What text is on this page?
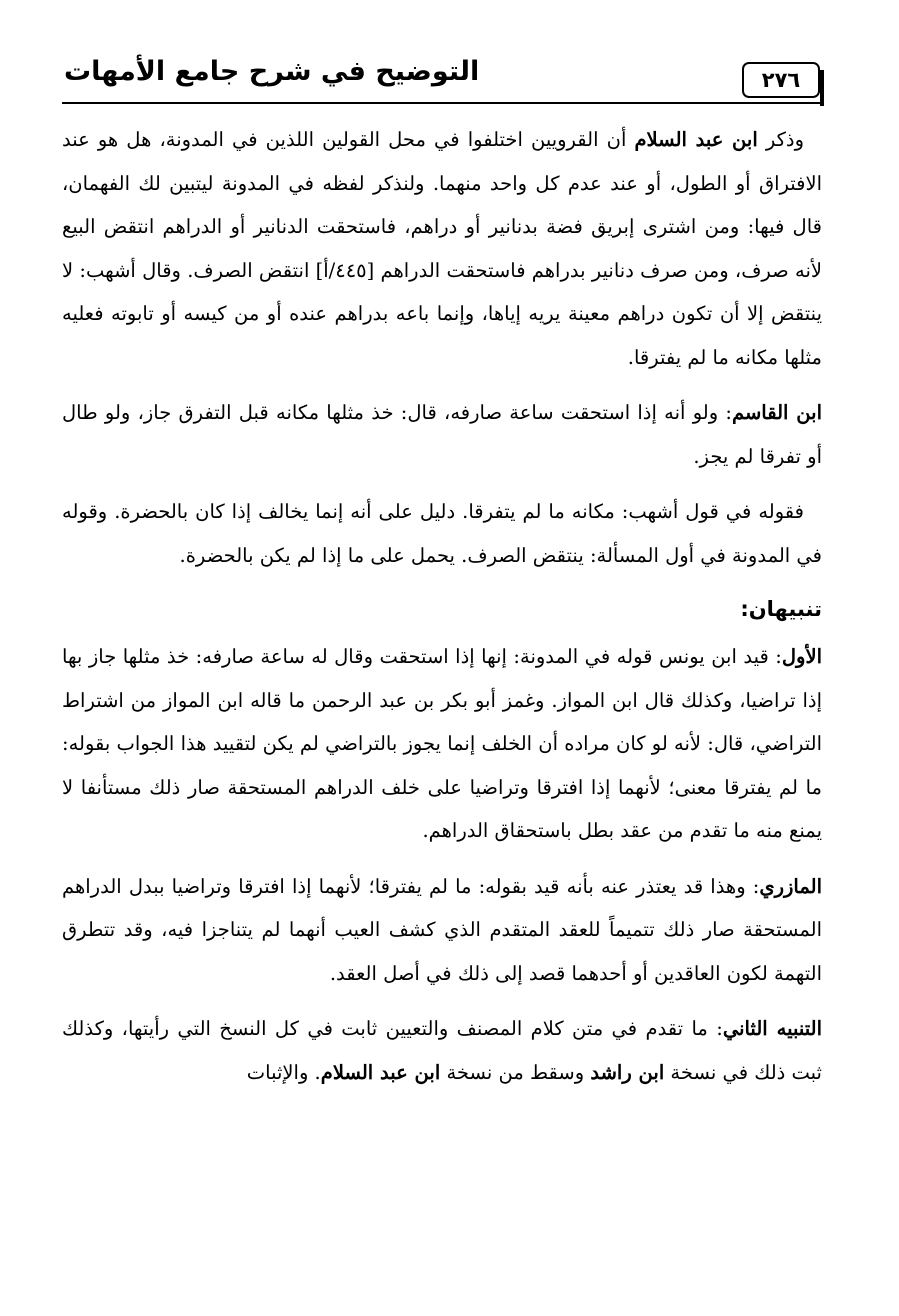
٢٧٦
التوضيح في شرح جامع الأمهات

وذكر ابن عبد السلام أن القرويين اختلفوا في محل القولين اللذين في المدونة، هل هو عند الافتراق أو الطول، أو عند عدم كل واحد منهما. ولنذكر لفظه في المدونة ليتبين لك الفهمان، قال فيها: ومن اشترى إبريق فضة بدنانير أو دراهم، فاستحقت الدنانير أو الدراهم انتقض البيع لأنه صرف، ومن صرف دنانير بدراهم فاستحقت الدراهم [٤٤٥/أ] انتقض الصرف. وقال أشهب: لا ينتقض إلا أن تكون دراهم معينة يريه إياها، وإنما باعه بدراهم عنده أو من كيسه أو تابوته فعليه مثلها مكانه ما لم يفترقا.

ابن القاسم: ولو أنه إذا استحقت ساعة صارفه، قال: خذ مثلها مكانه قبل التفرق جاز، ولو طال أو تفرقا لم يجز.

فقوله في قول أشهب: مكانه ما لم يتفرقا. دليل على أنه إنما يخالف إذا كان بالحضرة. وقوله في المدونة في أول المسألة: ينتقض الصرف. يحمل على ما إذا لم يكن بالحضرة.

تنبيهان:

الأول: قيد ابن يونس قوله في المدونة: إنها إذا استحقت وقال له ساعة صارفه: خذ مثلها جاز بها إذا تراضيا، وكذلك قال ابن المواز. وغمز أبو بكر بن عبد الرحمن ما قاله ابن المواز من اشتراط التراضي، قال: لأنه لو كان مراده أن الخلف إنما يجوز بالتراضي لم يكن لتقييد هذا الجواب بقوله: ما لم يفترقا معنى؛ لأنهما إذا افترقا وتراضيا على خلف الدراهم المستحقة صار ذلك مستأنفا لا يمنع منه ما تقدم من عقد بطل باستحقاق الدراهم.

المازري: وهذا قد يعتذر عنه بأنه قيد بقوله: ما لم يفترقا؛ لأنهما إذا افترقا وتراضيا ببدل الدراهم المستحقة صار ذلك تتميماً للعقد المتقدم الذي كشف العيب أنهما لم يتناجزا فيه، وقد تتطرق التهمة لكون العاقدين أو أحدهما قصد إلى ذلك في أصل العقد.

التنبيه الثاني: ما تقدم في متن كلام المصنف والتعيين ثابت في كل النسخ التي رأيتها، وكذلك ثبت ذلك في نسخة ابن راشد وسقط من نسخة ابن عبد السلام. والإثبات
